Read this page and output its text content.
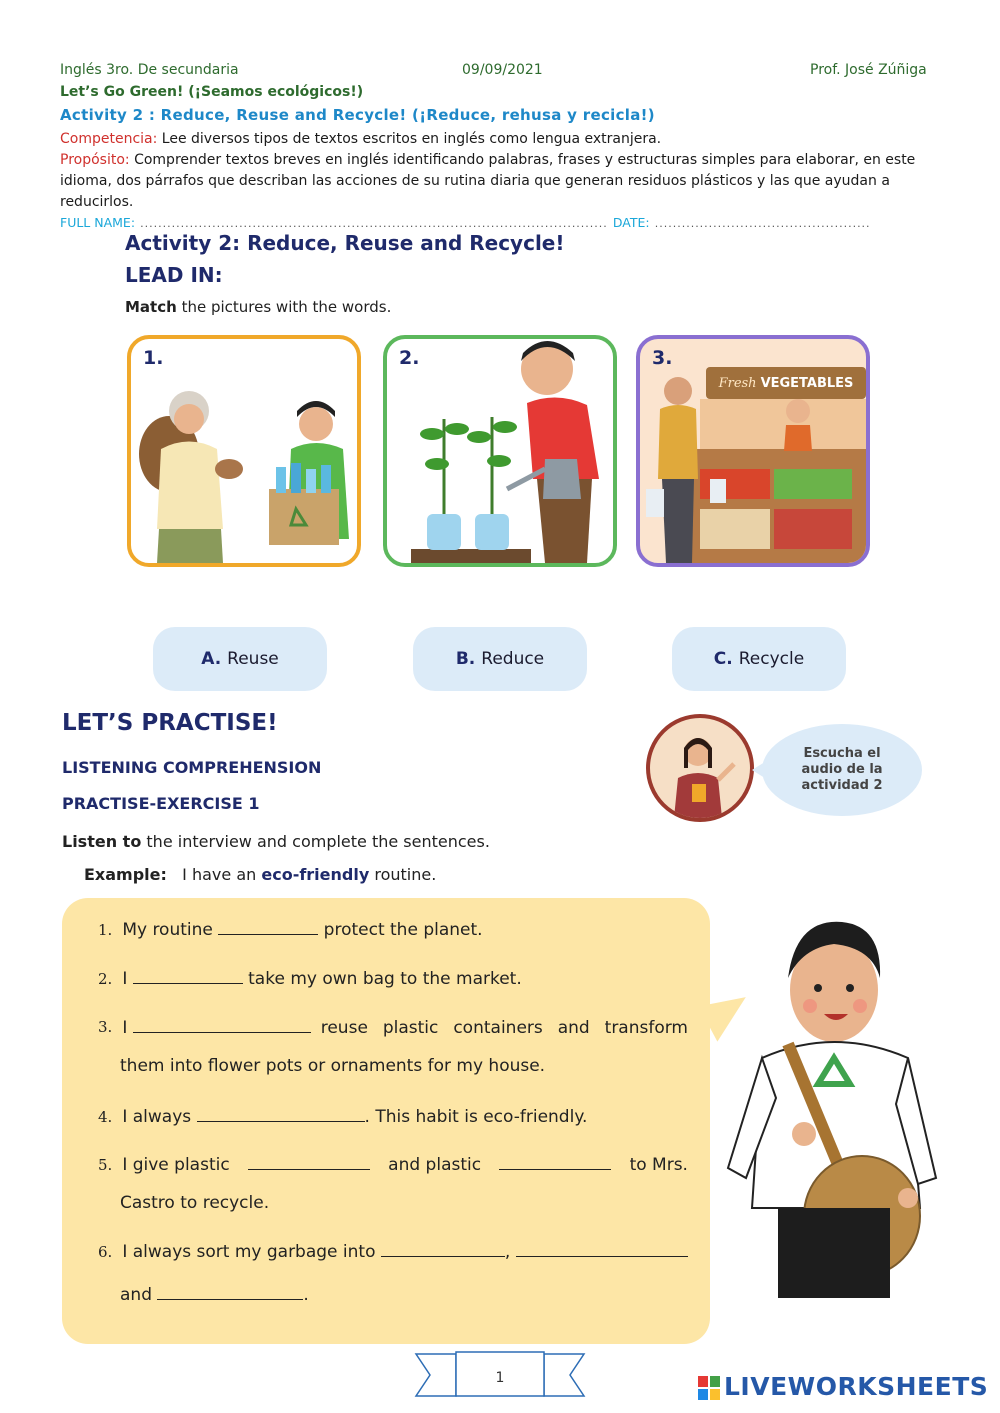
Inglés 3ro. De secundaria	09/09/2021	Prof. José Zúñiga
Let’s Go Green! (¡Seamos ecológicos!)
Activity 2 : Reduce, Reuse and Recycle! (¡Reduce, rehusa y recicla!)
Competencia: Lee diversos tipos de textos escritos en inglés como lengua extranjera.
Propósito: Comprender textos breves en inglés identificando palabras, frases y estructuras simples para elaborar, en este idioma, dos párrafos que describan las acciones de su rutina diaria que generan residuos plásticos y las que ayudan a reducirlos.
FULL NAME: ........................................................................................................ DATE: ................................................
Activity 2: Reduce, Reuse and Recycle!
LEAD IN:
Match the pictures with the words.
1.	2.	3.
Fresh VEGETABLES
A. Reuse	B. Reduce	C. Recycle
LET’S PRACTISE!
LISTENING COMPREHENSION
PRACTISE-EXERCISE 1
Escucha el
audio de la
actividad 2
Listen to the interview and complete the sentences.
Example: I have an eco-friendly routine.
1. My routine	protect the planet.
2. I	take my own bag to the market.
3. I
	reuse plastic containers and transform
them into flower pots or ornaments for my house.
4. I always	. This habit is eco-friendly.
5. I give plastic	and plastic	to Mrs.
Castro to recycle.
6. I always sort my garbage into
	,

and	.
1	LIVEWORKSHEETS
